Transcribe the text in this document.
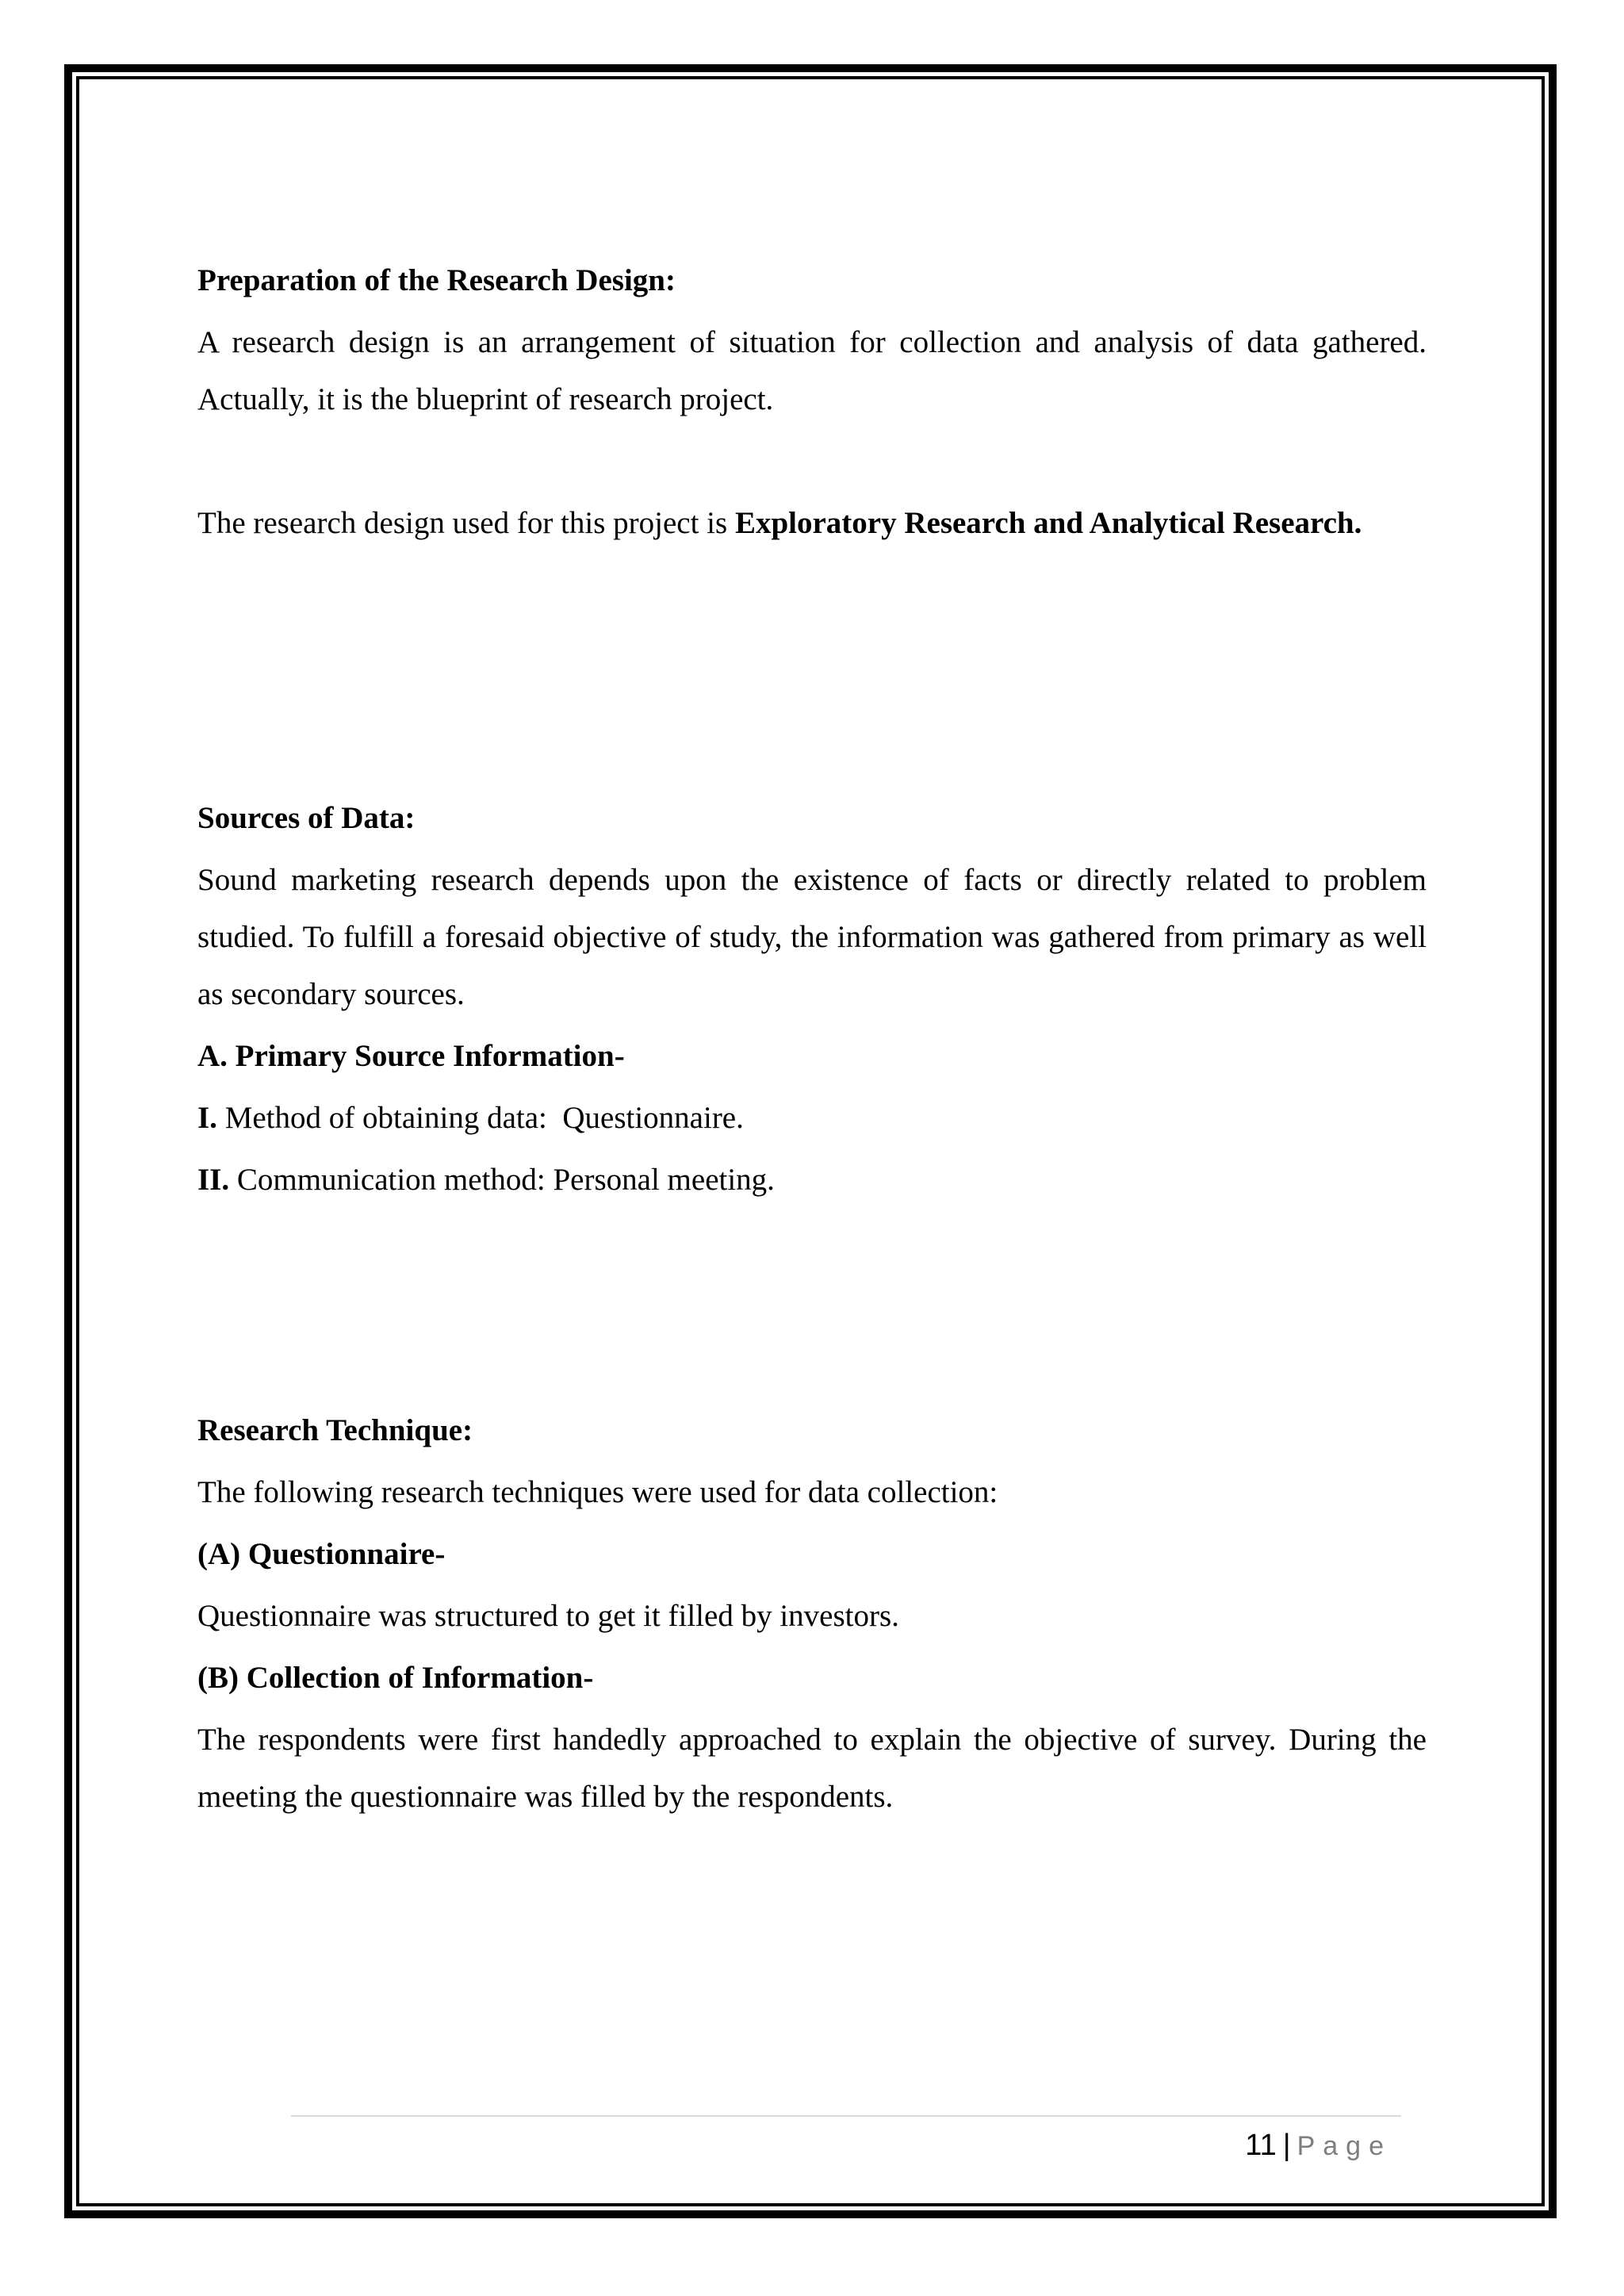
Preparation of the Research Design:

A research design is an arrangement of situation for collection and analysis of data gathered. Actually, it is the blueprint of research project.

The research design used for this project is Exploratory Research and Analytical Research.

Sources of Data:

Sound marketing research depends upon the existence of facts or directly related to problem studied. To fulfill a foresaid objective of study, the information was gathered from primary as well as secondary sources.

A. Primary Source Information-

I. Method of obtaining data:  Questionnaire.

II. Communication method: Personal meeting.

Research Technique:

The following research techniques were used for data collection:

(A) Questionnaire-

Questionnaire was structured to get it filled by investors.

(B) Collection of Information-

The respondents were first handedly approached to explain the objective of survey. During the meeting the questionnaire was filled by the respondents.

11 | Page
